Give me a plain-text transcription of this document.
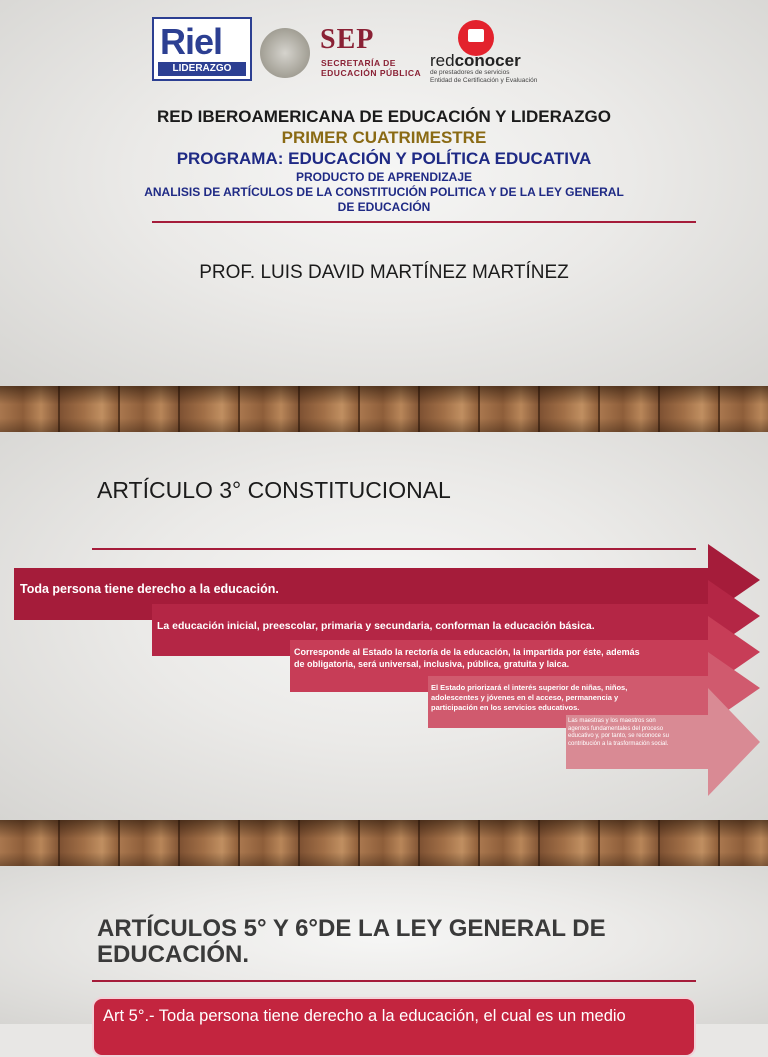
Riel
LIDERAZGO
SEP
SECRETARÍA DE
EDUCACIÓN PÚBLICA
redconocer
de prestadores de servicios
Entidad de Certificación y Evaluación
RED IBEROAMERICANA DE EDUCACIÓN Y LIDERAZGO
PRIMER CUATRIMESTRE
PROGRAMA: EDUCACIÓN Y POLÍTICA EDUCATIVA
PRODUCTO DE APRENDIZAJE
ANALISIS DE ARTÍCULOS DE LA CONSTITUCIÓN POLITICA Y DE LA LEY GENERAL
DE EDUCACIÓN
PROF. LUIS DAVID MARTÍNEZ MARTÍNEZ
ARTÍCULO 3° CONSTITUCIONAL
Toda persona tiene derecho a la educación.
La educación inicial, preescolar, primaria y secundaria, conforman la educación básica.
Corresponde al Estado la rectoría de la educación, la impartida por éste, además
de obligatoria, será universal, inclusiva, pública, gratuita y laica.
El Estado priorizará el interés superior de niñas, niños,
adolescentes y jóvenes en el acceso, permanencia y
participación en los servicios educativos.
Las maestras y los maestros son
agentes fundamentales del proceso
educativo y, por tanto, se reconoce su
contribución a la trasformación social.
ARTÍCULOS 5° Y 6°DE LA LEY GENERAL DE
EDUCACIÓN.
Art 5°.- Toda persona tiene derecho a la educación, el cual es un medio
